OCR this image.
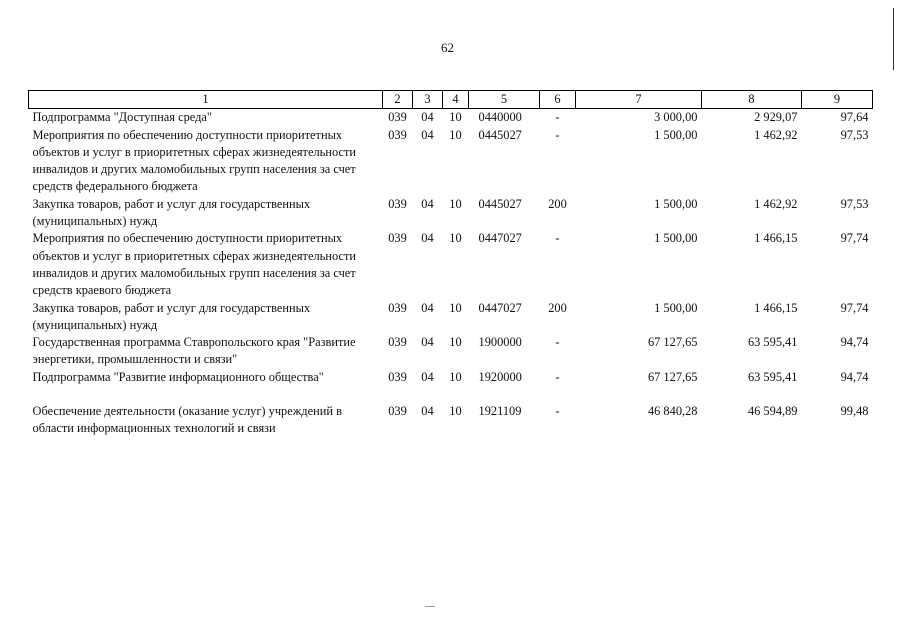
62
1	2	3	4	5	6	7	8	9
Подпрограмма "Доступная среда"	039	04	10	0440000	-	3 000,00	2 929,07	97,64
Мероприятия по обеспечению доступности приоритетных объектов и услуг в приоритетных сферах жизнедеятельности инвалидов и других маломобильных групп населения за счет средств федерального бюджета	039	04	10	0445027	-	1 500,00	1 462,92	97,53
Закупка товаров, работ и услуг для государственных (муниципальных) нужд	039	04	10	0445027	200	1 500,00	1 462,92	97,53
Мероприятия по обеспечению доступности приоритетных объектов и услуг в приоритетных сферах жизнедеятельности инвалидов и других маломобильных групп населения за счет средств краевого бюджета	039	04	10	0447027	-	1 500,00	1 466,15	97,74
Закупка товаров, работ и услуг для государственных (муниципальных) нужд	039	04	10	0447027	200	1 500,00	1 466,15	97,74
Государственная программа Ставропольского края "Развитие энергетики, промышленности и связи"	039	04	10	1900000	-	67 127,65	63 595,41	94,74
Подпрограмма "Развитие информационного общества"	039	04	10	1920000	-	67 127,65	63 595,41	94,74
Обеспечение деятельности (оказание услуг) учреждений в области информационных технологий и связи	039	04	10	1921109	-	46 840,28	46 594,89	99,48
